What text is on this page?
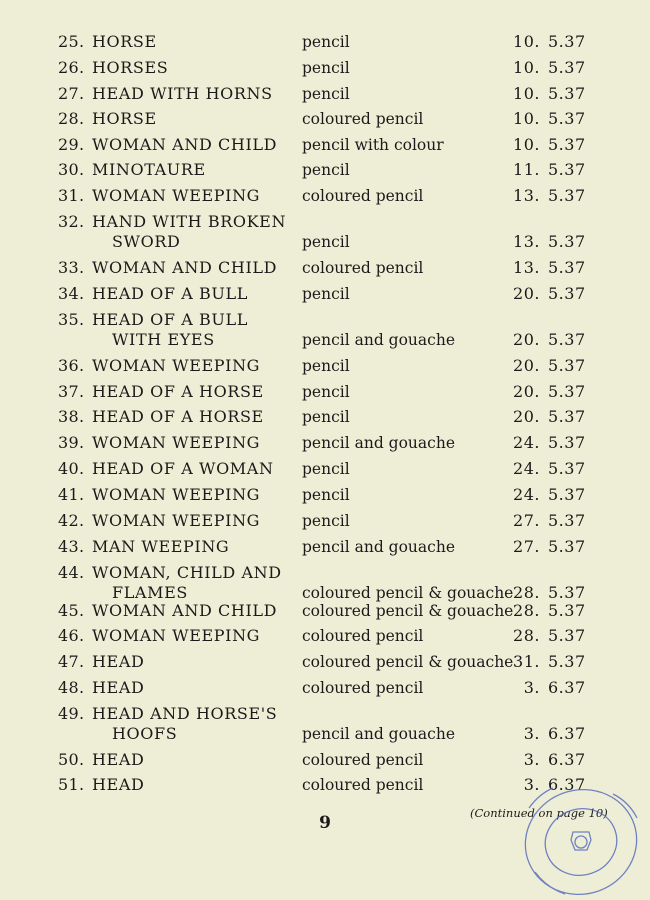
25. HORSE	pencil	10. 5.37
26. HORSES	pencil	10. 5.37
27. HEAD WITH HORNS	pencil	10. 5.37
28. HORSE	coloured pencil	10. 5.37
29. WOMAN AND CHILD	pencil with colour	10. 5.37
30. MINOTAURE	pencil	11. 5.37
31. WOMAN WEEPING	coloured pencil	13. 5.37
32. HAND WITH BROKEN
SWORD	pencil	13. 5.37
33. WOMAN AND CHILD	coloured pencil	13. 5.37
34. HEAD OF A BULL	pencil	20. 5.37
35. HEAD OF A BULL
WITH EYES	pencil and gouache	20. 5.37
36. WOMAN WEEPING	pencil	20. 5.37
37. HEAD OF A HORSE	pencil	20. 5.37
38. HEAD OF A HORSE	pencil	20. 5.37
39. WOMAN WEEPING	pencil and gouache	24. 5.37
40. HEAD OF A WOMAN	pencil	24. 5.37
41. WOMAN WEEPING	pencil	24. 5.37
42. WOMAN WEEPING	pencil	27. 5.37
43. MAN WEEPING	pencil and gouache	27. 5.37
44. WOMAN, CHILD AND
FLAMES	coloured pencil & gouache 28. 5.37
45. WOMAN AND CHILD	coloured pencil & gouache 28. 5.37
46. WOMAN WEEPING	coloured pencil	28. 5.37
47. HEAD	coloured pencil & gouache 31. 5.37
48. HEAD	coloured pencil	3. 6.37
49. HEAD AND HORSE'S
HOOFS	pencil and gouache	3. 6.37
50. HEAD	coloured pencil	3. 6.37
51. HEAD	coloured pencil	3. 6.37
(Continued on page 10)
9
